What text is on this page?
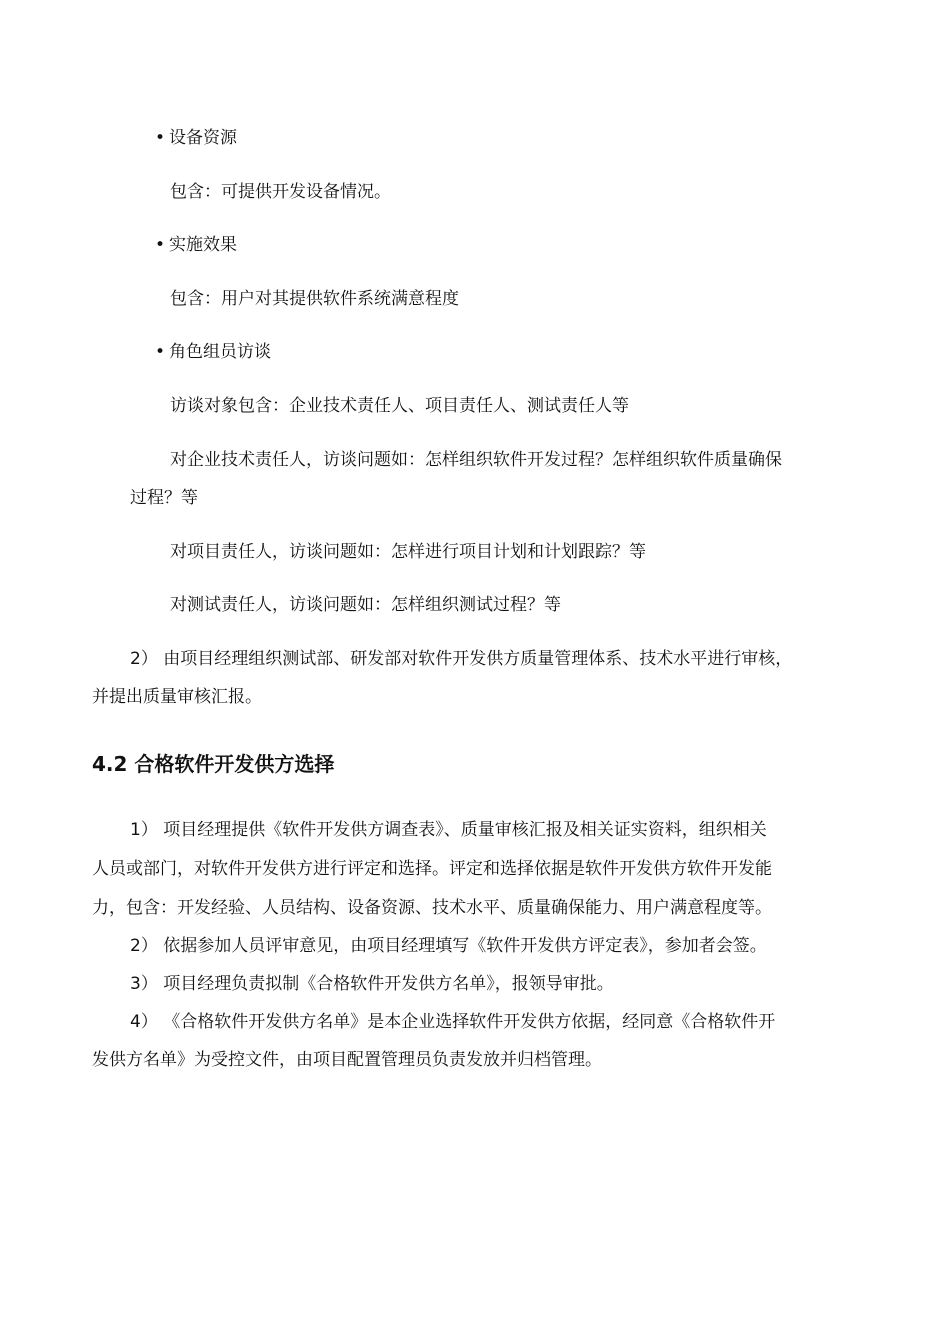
• 设备资源
包含：可提供开发设备情况。
• 实施效果
包含：用户对其提供软件系统满意程度
• 角色组员访谈
访谈对象包含：企业技术责任人、项目责任人、测试责任人等
对企业技术责任人，访谈问题如：怎样组织软件开发过程？怎样组织软件质量确保
过程？等
对项目责任人，访谈问题如：怎样进行项目计划和计划跟踪？等
对测试责任人，访谈问题如：怎样组织测试过程？等
2） 由项目经理组织测试部、研发部对软件开发供方质量管理体系、技术水平进行审核，
并提出质量审核汇报。
4.2 合格软件开发供方选择
1） 项目经理提供《软件开发供方调查表》、质量审核汇报及相关证实资料，组织相关
人员或部门，对软件开发供方进行评定和选择。评定和选择依据是软件开发供方软件开发能
力，包含：开发经验、人员结构、设备资源、技术水平、质量确保能力、用户满意程度等。
2） 依据参加人员评审意见，由项目经理填写《软件开发供方评定表》，参加者会签。
3） 项目经理负责拟制《合格软件开发供方名单》，报领导审批。
4） 《合格软件开发供方名单》是本企业选择软件开发供方依据，经同意《合格软件开
发供方名单》为受控文件，由项目配置管理员负责发放并归档管理。
